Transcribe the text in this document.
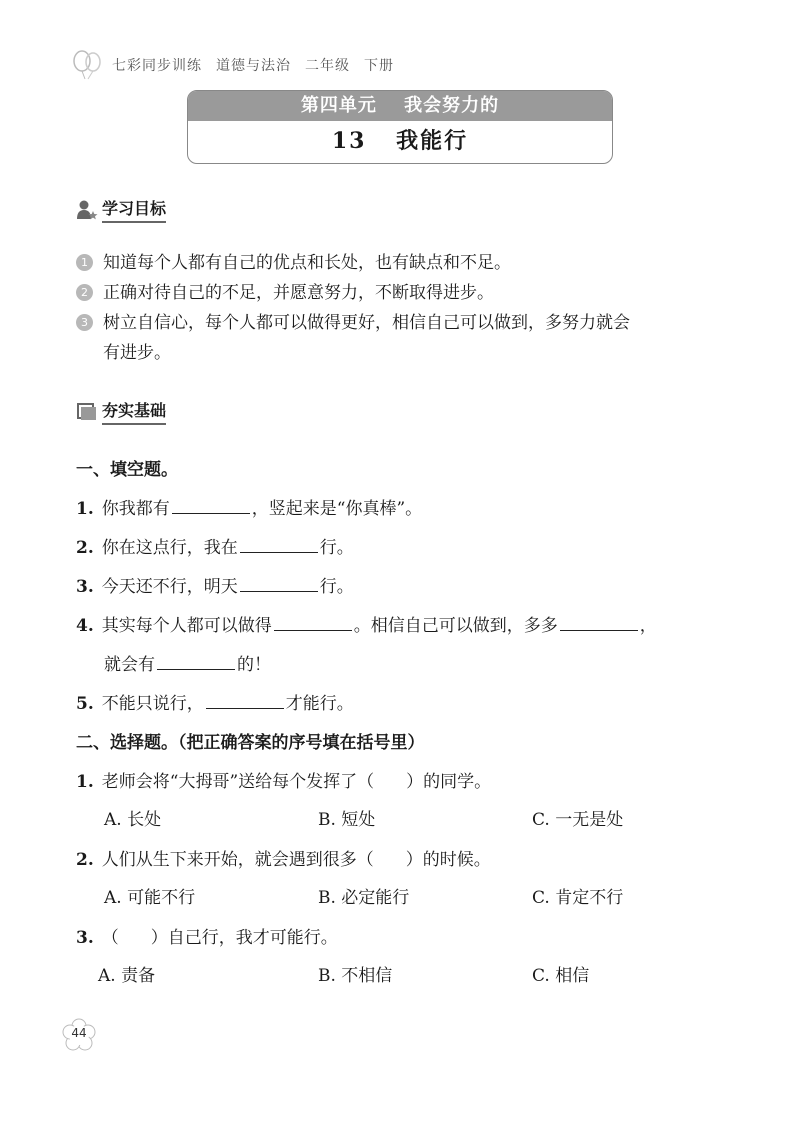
七彩同步训练 道德与法治 二年级 下册
第四单元 我会努力的
13 我能行
学习目标
1 知道每个人都有自己的优点和长处，也有缺点和不足。
2 正确对待自己的不足，并愿意努力，不断取得进步。
3 树立自信心，每个人都可以做得更好，相信自己可以做到，多努力就会
有进步。
夯实基础
一、填空题。
1. 你我都有	，竖起来是“你真棒”。
2. 你在这点行，我在	行。
3. 今天还不行，明天	行。
4. 其实每个人都可以做得	。相信自己可以做到，多多	，
就会有	的！
5. 不能只说行，	才能行。
二、选择题。（把正确答案的序号填在括号里）
1. 老师会将“大拇哥”送给每个发挥了（ ）的同学。
A. 长处	B. 短处	C. 一无是处
2. 人们从生下来开始，就会遇到很多（ ）的时候。
A. 可能不行	B. 必定能行	C. 肯定不行
3. （ ）自己行，我才可能行。
A. 责备	B. 不相信	C. 相信
44
